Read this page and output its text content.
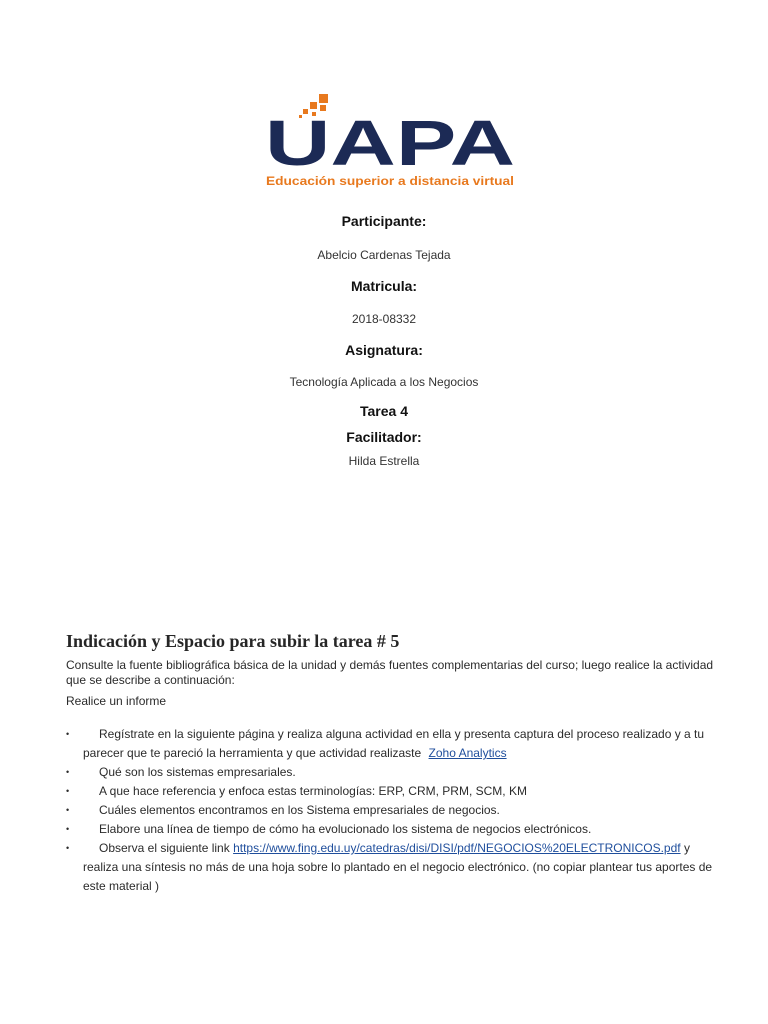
UAPA
Educación superior a distancia virtual
Participante:
Abelcio Cardenas Tejada
Matricula:
2018-08332
Asignatura:
Tecnología Aplicada a los Negocios
Tarea 4
Facilitador:
Hilda Estrella
Indicación y Espacio para subir la tarea # 5
Consulte la fuente bibliográfica básica de la unidad y demás fuentes complementarias del curso; luego realice la actividad que se describe a continuación:
Realice un informe
• Regístrate en la siguiente página y realiza alguna actividad en ella y presenta captura del proceso realizado y a tu parecer que te pareció la herramienta y que actividad realizaste Zoho Analytics
• Qué son los sistemas empresariales.
• A que hace referencia y enfoca estas terminologías: ERP, CRM, PRM, SCM, KM
• Cuáles elementos encontramos en los Sistema empresariales de negocios.
• Elabore una línea de tiempo de cómo ha evolucionado los sistema de negocios electrónicos.
• Observa el siguiente link https://www.fing.edu.uy/catedras/disi/DISI/pdf/NEGOCIOS%20ELECTRONICOS.pdf y realiza una síntesis no más de una hoja sobre lo plantado en el negocio electrónico. (no copiar plantear tus aportes de este material )
